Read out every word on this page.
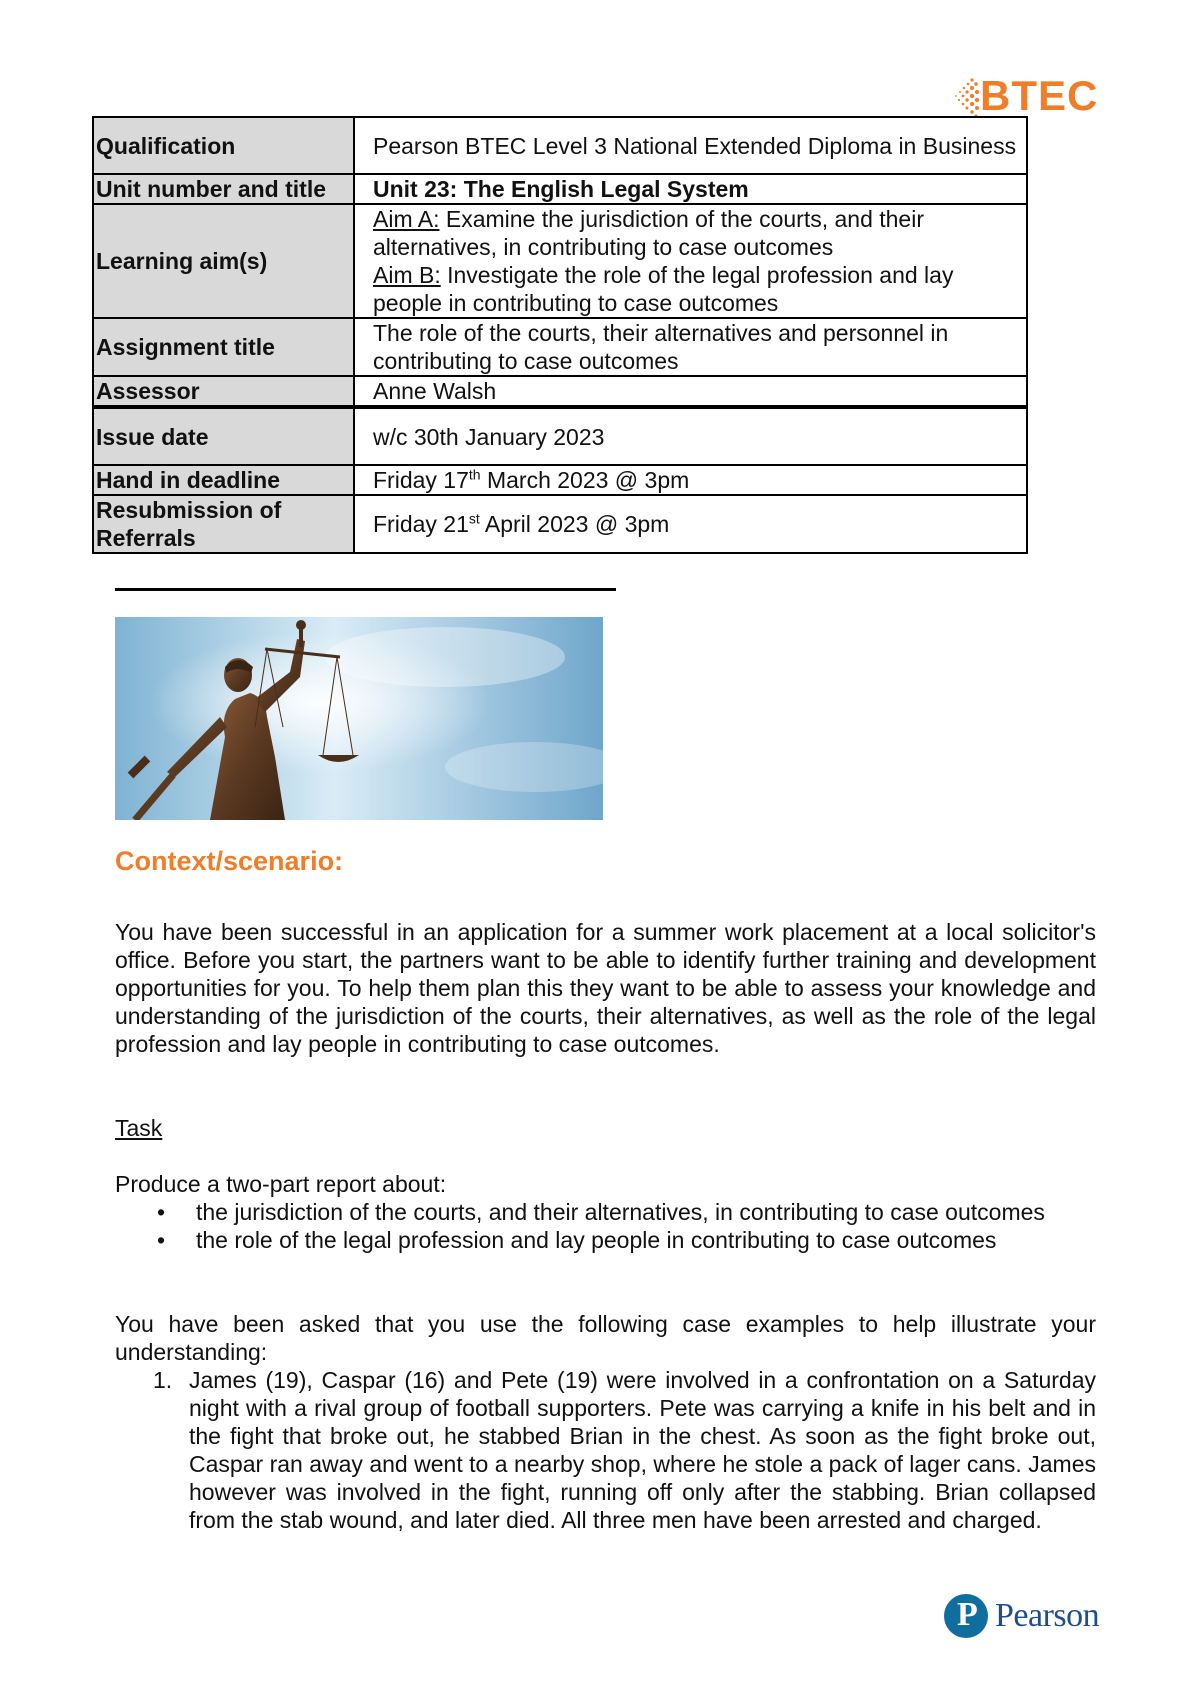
BTEC
Qualification	Pearson BTEC Level 3 National Extended Diploma in Business
Unit number and title	Unit 23: The English Legal System
Learning aim(s)	Aim A: Examine the jurisdiction of the courts, and their alternatives, in contributing to case outcomes
Aim B: Investigate the role of the legal profession and lay people in contributing to case outcomes

Assignment title	The role of the courts, their alternatives and personnel in contributing to case outcomes
Assessor	Anne Walsh
Issue date	w/c 30th January 2023
Hand in deadline	Friday 17th March 2023 @ 3pm
Resubmission of Referrals	Friday 21st April 2023 @ 3pm
Context/scenario:
You have been successful in an application for a summer work placement at a local solicitor's office. Before you start, the partners want to be able to identify further training and development opportunities for you. To help them plan this they want to be able to assess your knowledge and understanding of the jurisdiction of the courts, their alternatives, as well as the role of the legal profession and lay people in contributing to case outcomes.
Task
Produce a two-part report about:
• the jurisdiction of the courts, and their alternatives, in contributing to case outcomes
• the role of the legal profession and lay people in contributing to case outcomes
You have been asked that you use the following case examples to help illustrate your understanding:
1. James (19), Caspar (16) and Pete (19) were involved in a confrontation on a Saturday night with a rival group of football supporters. Pete was carrying a knife in his belt and in the fight that broke out, he stabbed Brian in the chest. As soon as the fight broke out, Caspar ran away and went to a nearby shop, where he stole a pack of lager cans. James however was involved in the fight, running off only after the stabbing. Brian collapsed from the stab wound, and later died. All three men have been arrested and charged.
P Pearson
